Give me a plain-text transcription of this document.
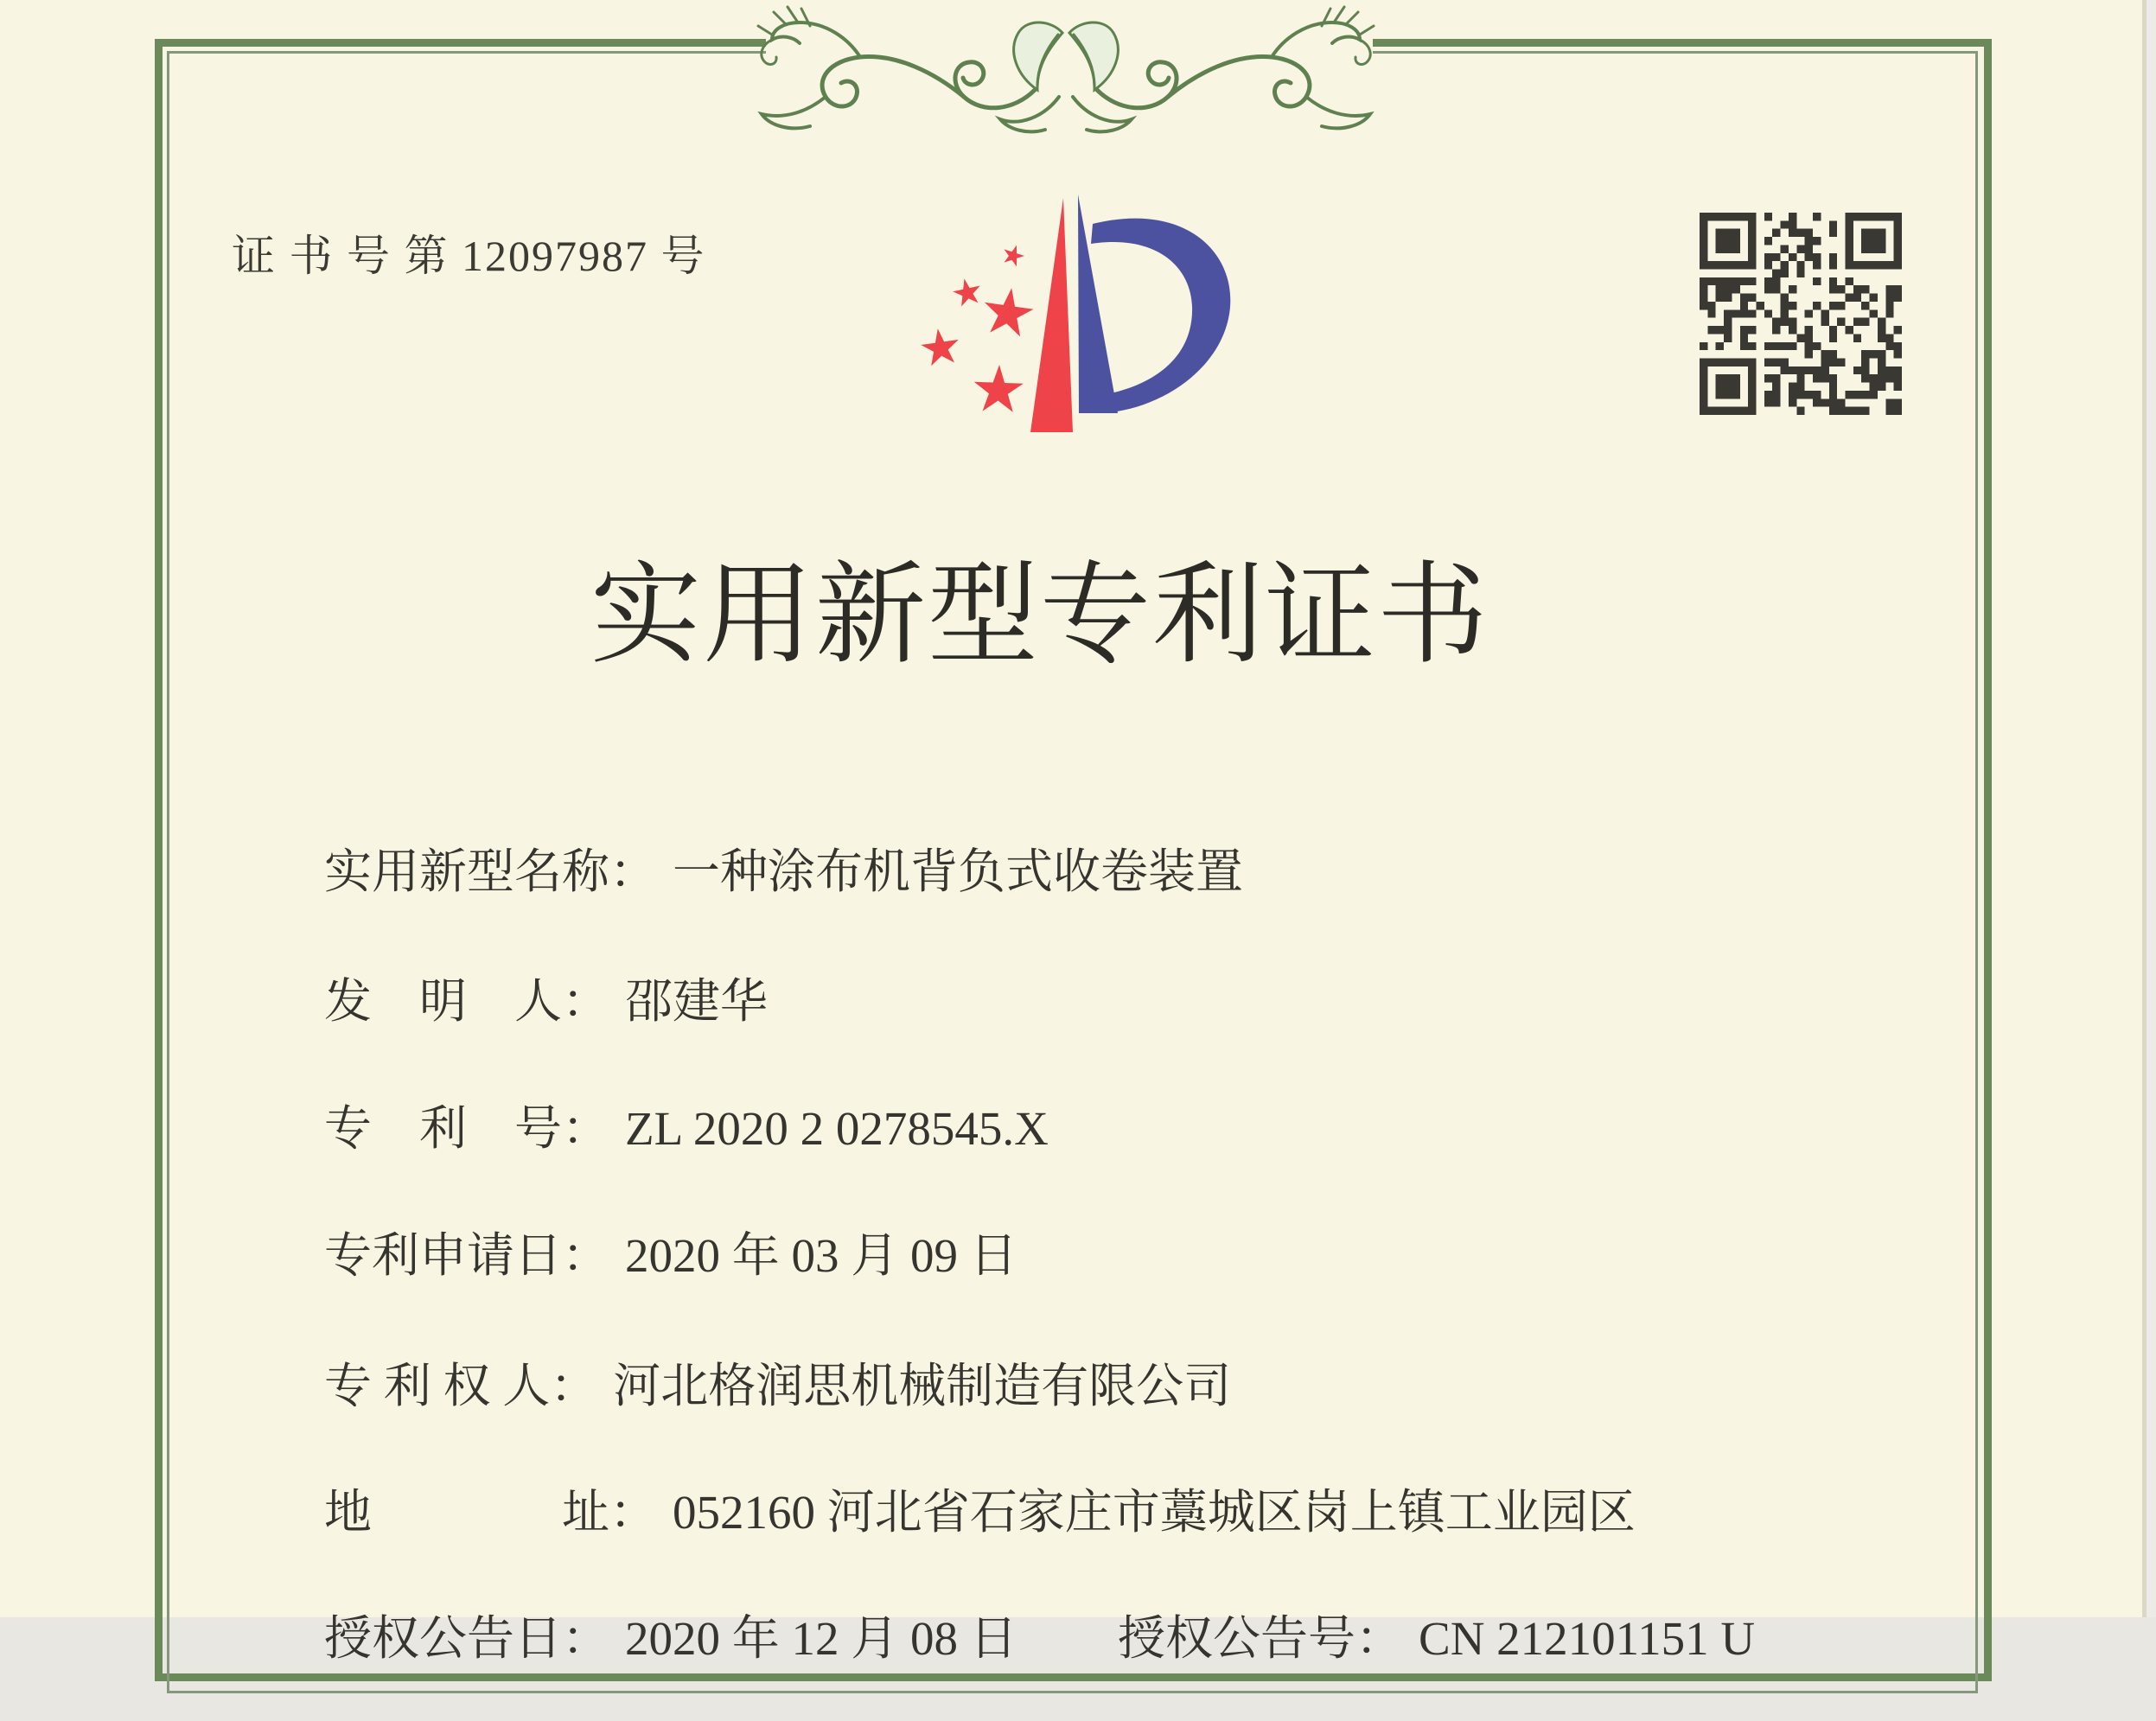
证 书 号 第 12097987 号
实用新型专利证书

实用新型名称： 一种涂布机背负式收卷装置

发　明　人： 邵建华

专　利　号： ZL 2020 2 0278545.X

专利申请日： 2020 年 03 月 09 日

专 利 权 人： 河北格润思机械制造有限公司

地　　　　址： 052160 河北省石家庄市藁城区岗上镇工业园区

授权公告日： 2020 年 12 月 08 日
	授权公告号： CN 212101151 U
